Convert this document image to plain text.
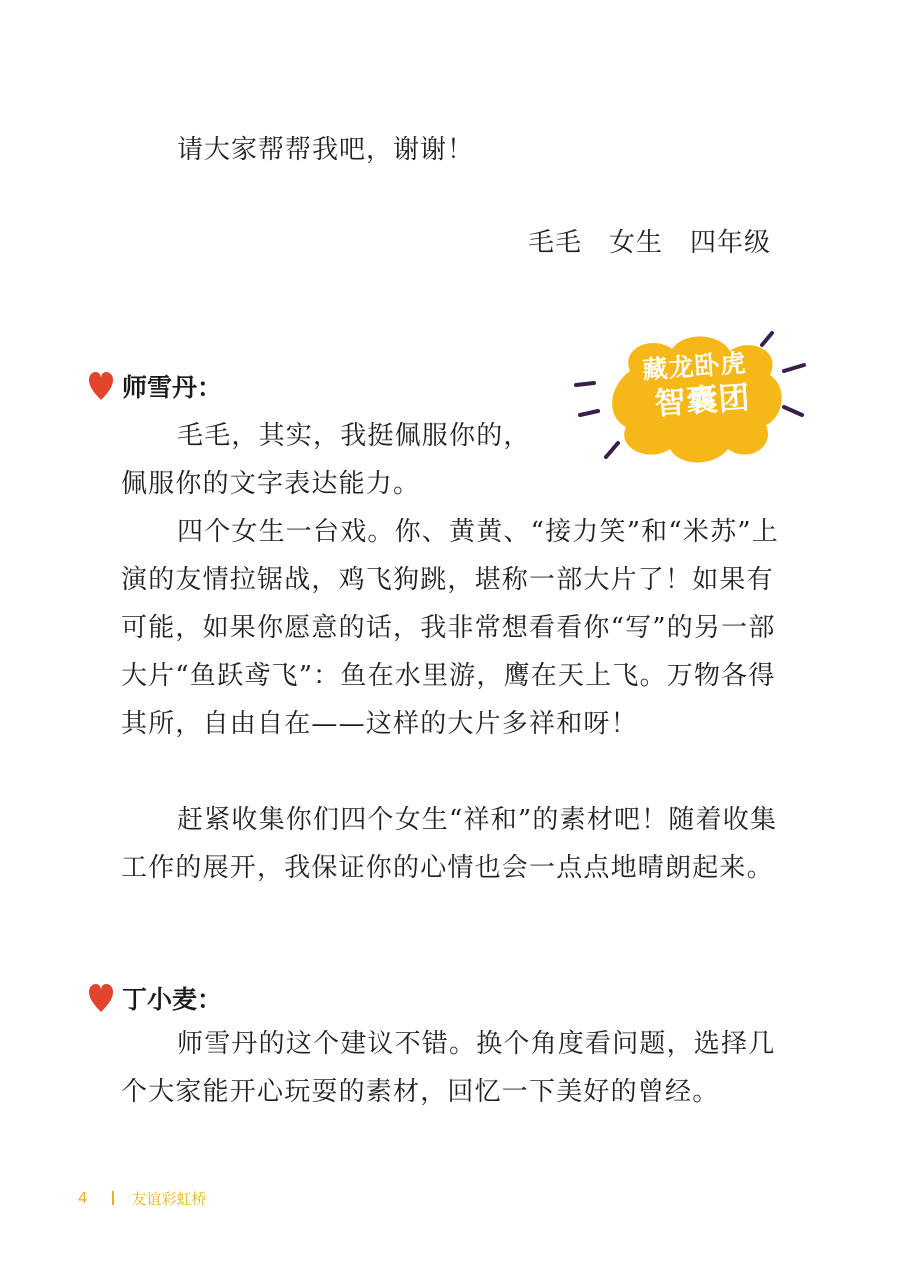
请大家帮帮我吧，谢谢！
毛毛　女生　四年级
师雪丹：
毛毛，其实，我挺佩服你的，
佩服你的文字表达能力。
四个女生一台戏。你、黄黄、“接力笑”和“米苏”上演的友情拉锯战，鸡飞狗跳，堪称一部大片了！如果有可能，如果你愿意的话，我非常想看看你“写”的另一部大片“鱼跃鸢飞”：鱼在水里游，鹰在天上飞。万物各得其所，自由自在——这样的大片多祥和呀！
赶紧收集你们四个女生“祥和”的素材吧！随着收集工作的展开，我保证你的心情也会一点点地晴朗起来。
藏龙卧虎
智囊团
丁小麦：
师雪丹的这个建议不错。换个角度看问题，选择几个大家能开心玩耍的素材，回忆一下美好的曾经。
4	友谊彩虹桥
